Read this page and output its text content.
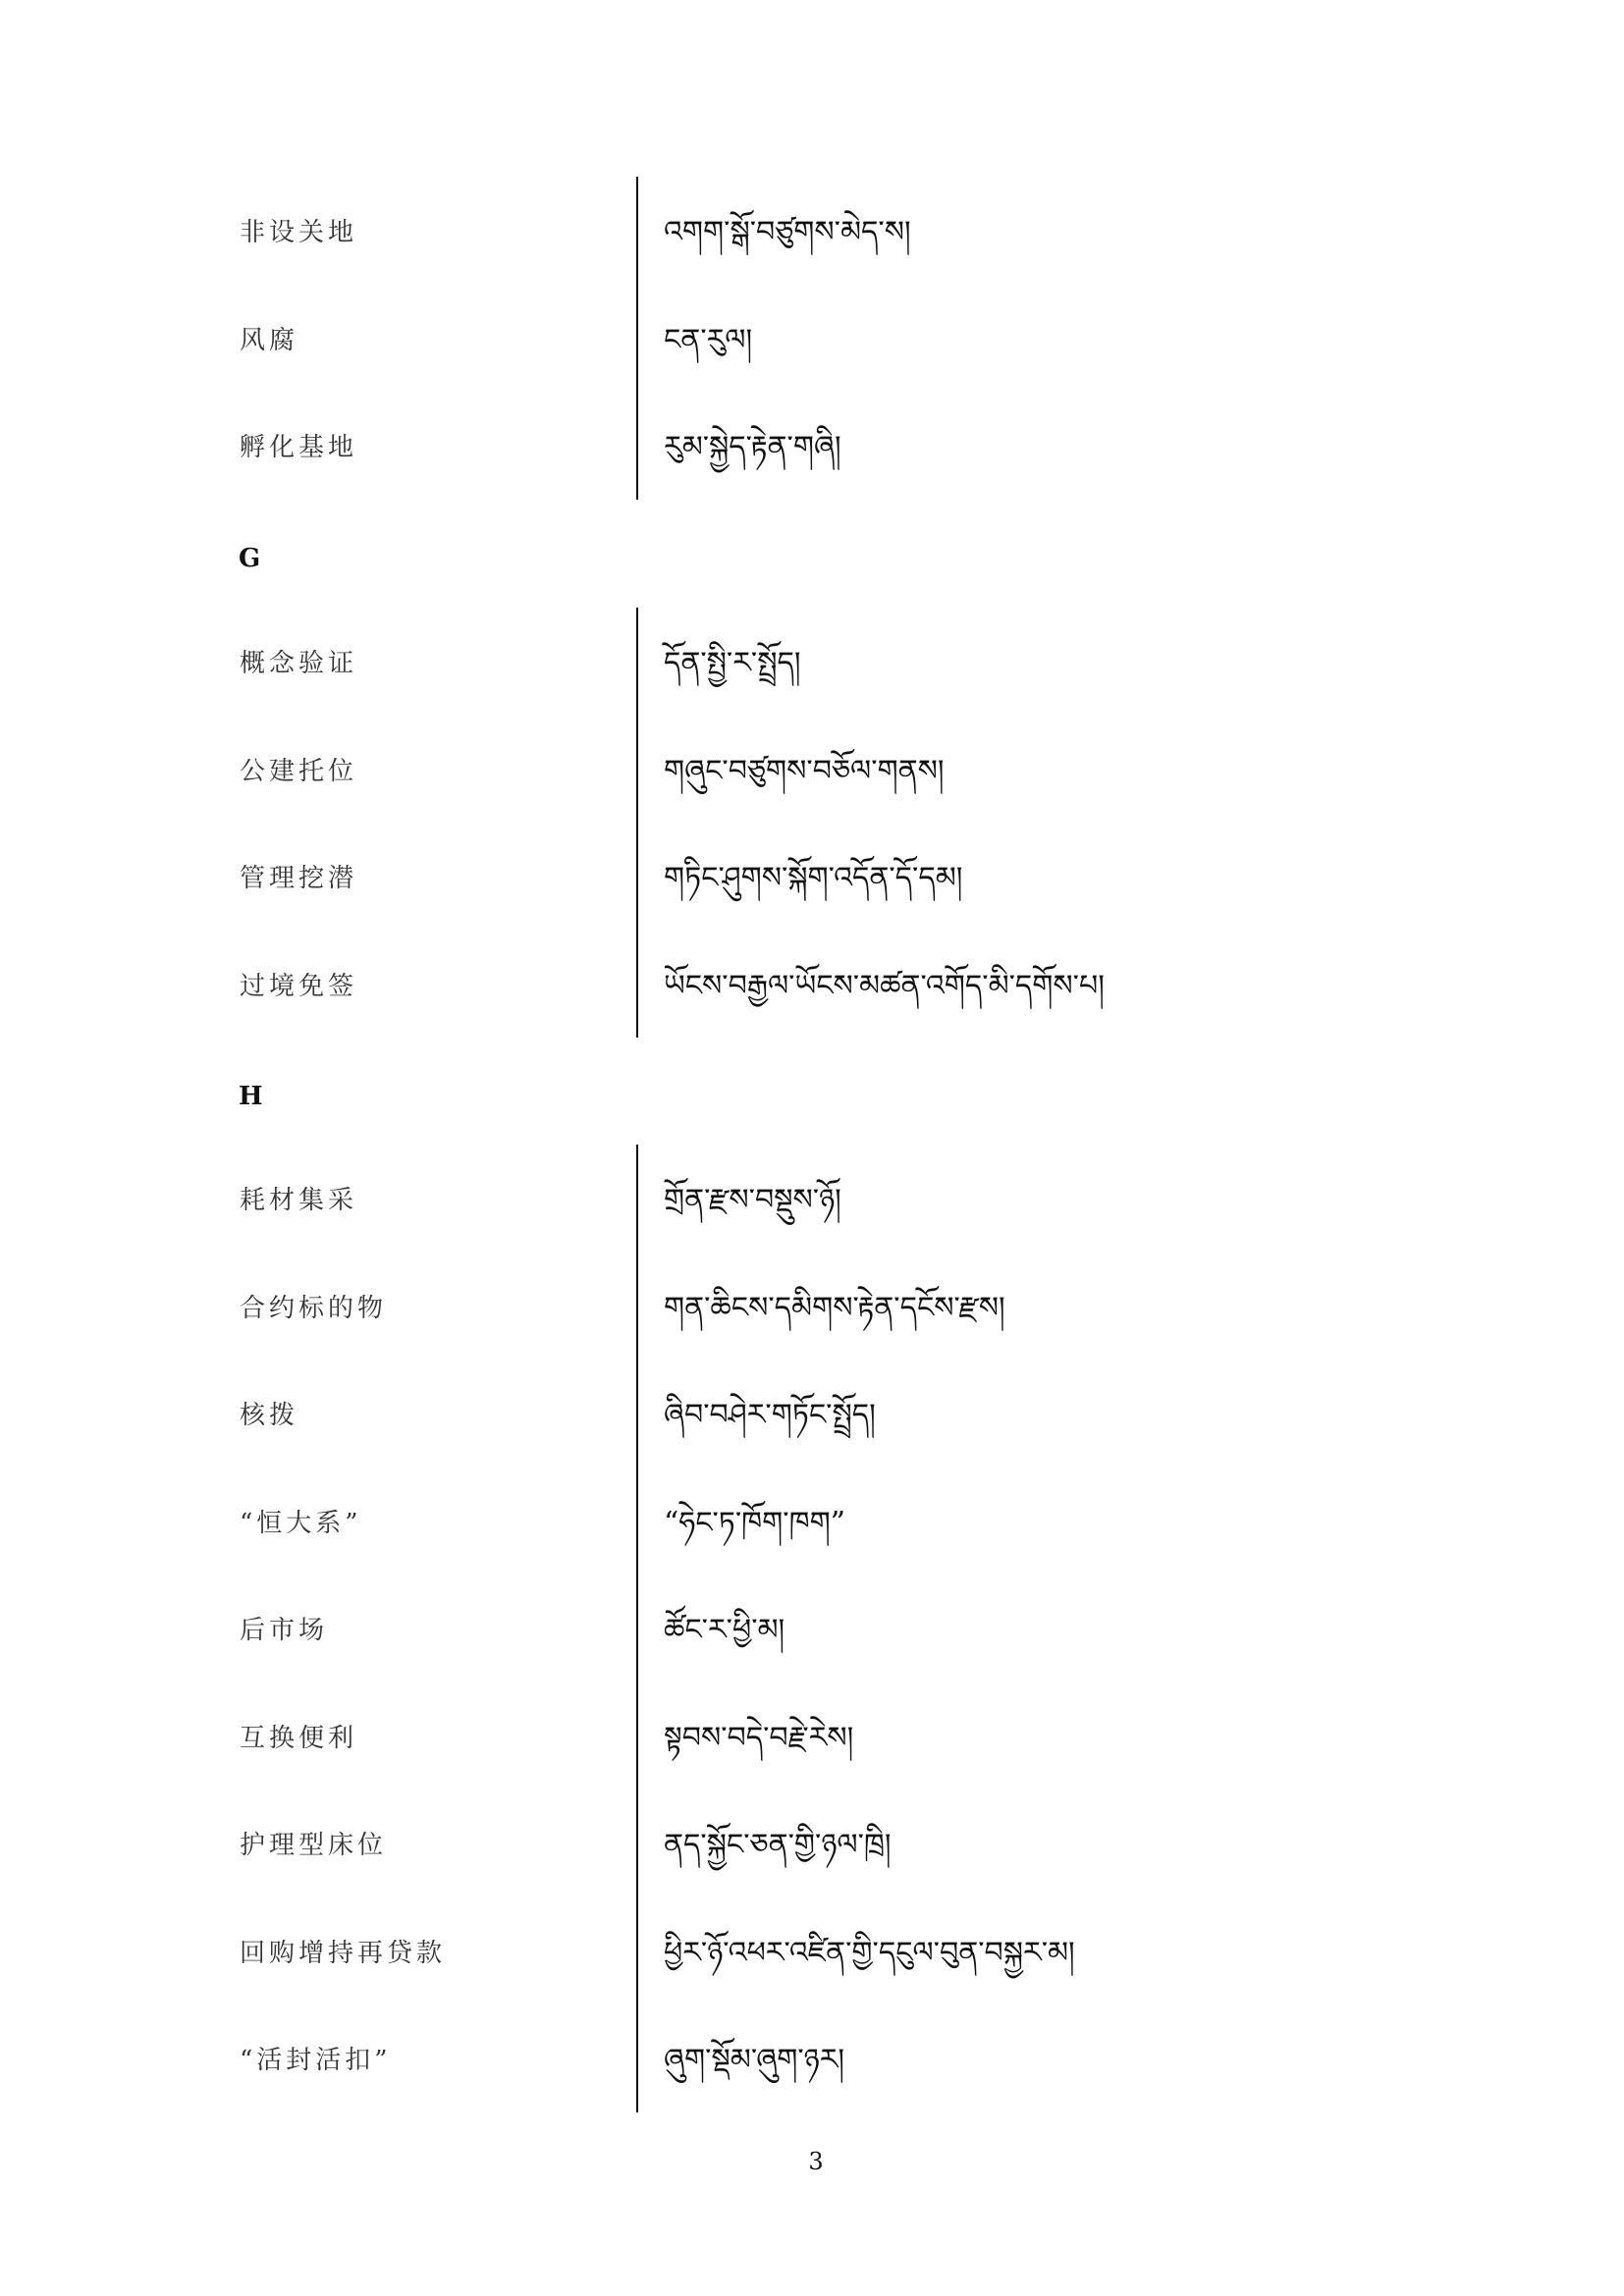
非设关地	འགག་སྒོ་བཙུགས་མེད་ས།
风腐	ངན་རུལ།
孵化基地	རུམ་སྐྱེད་རྟེན་གཞི།
G
概念验证	དོན་སྤྱི་ར་སྤྲོད།
公建托位	གཞུང་བཙུགས་བཅོལ་གནས།
管理挖潜	གཏིང་ཤུགས་སྐོག་འདོན་དོ་དམ།
过境免签	ཡོངས་བརྒྱལ་ཡོངས་མཚན་འགོད་མི་དགོས་པ།
H
耗材集采	གྲོན་རྫས་བསྡུས་ཉོ།
合约标的物	གན་ཆིངས་དམིགས་རྟེན་དངོས་རྫས།
核拨	ཞིབ་བཤེར་གཏོང་སྤྲོད།
“恒大系”	“ཧེང་ཏ་ཁོག་ཁག”
后市场	ཚོང་ར་ཕྱི་མ།
互换便利	སྟབས་བདེ་བརྗེ་རེས།
护理型床位	ནད་སྐྱོང་ཅན་གྱི་ཉལ་ཁྲི།
回购增持再贷款	ཕྱིར་ཉོ་འཕར་འཛིན་གྱི་དངུལ་བུན་བསྐྱར་མ།
“活封活扣”	ཞུག་སྡོམ་ཞུག་ཉར།
3
